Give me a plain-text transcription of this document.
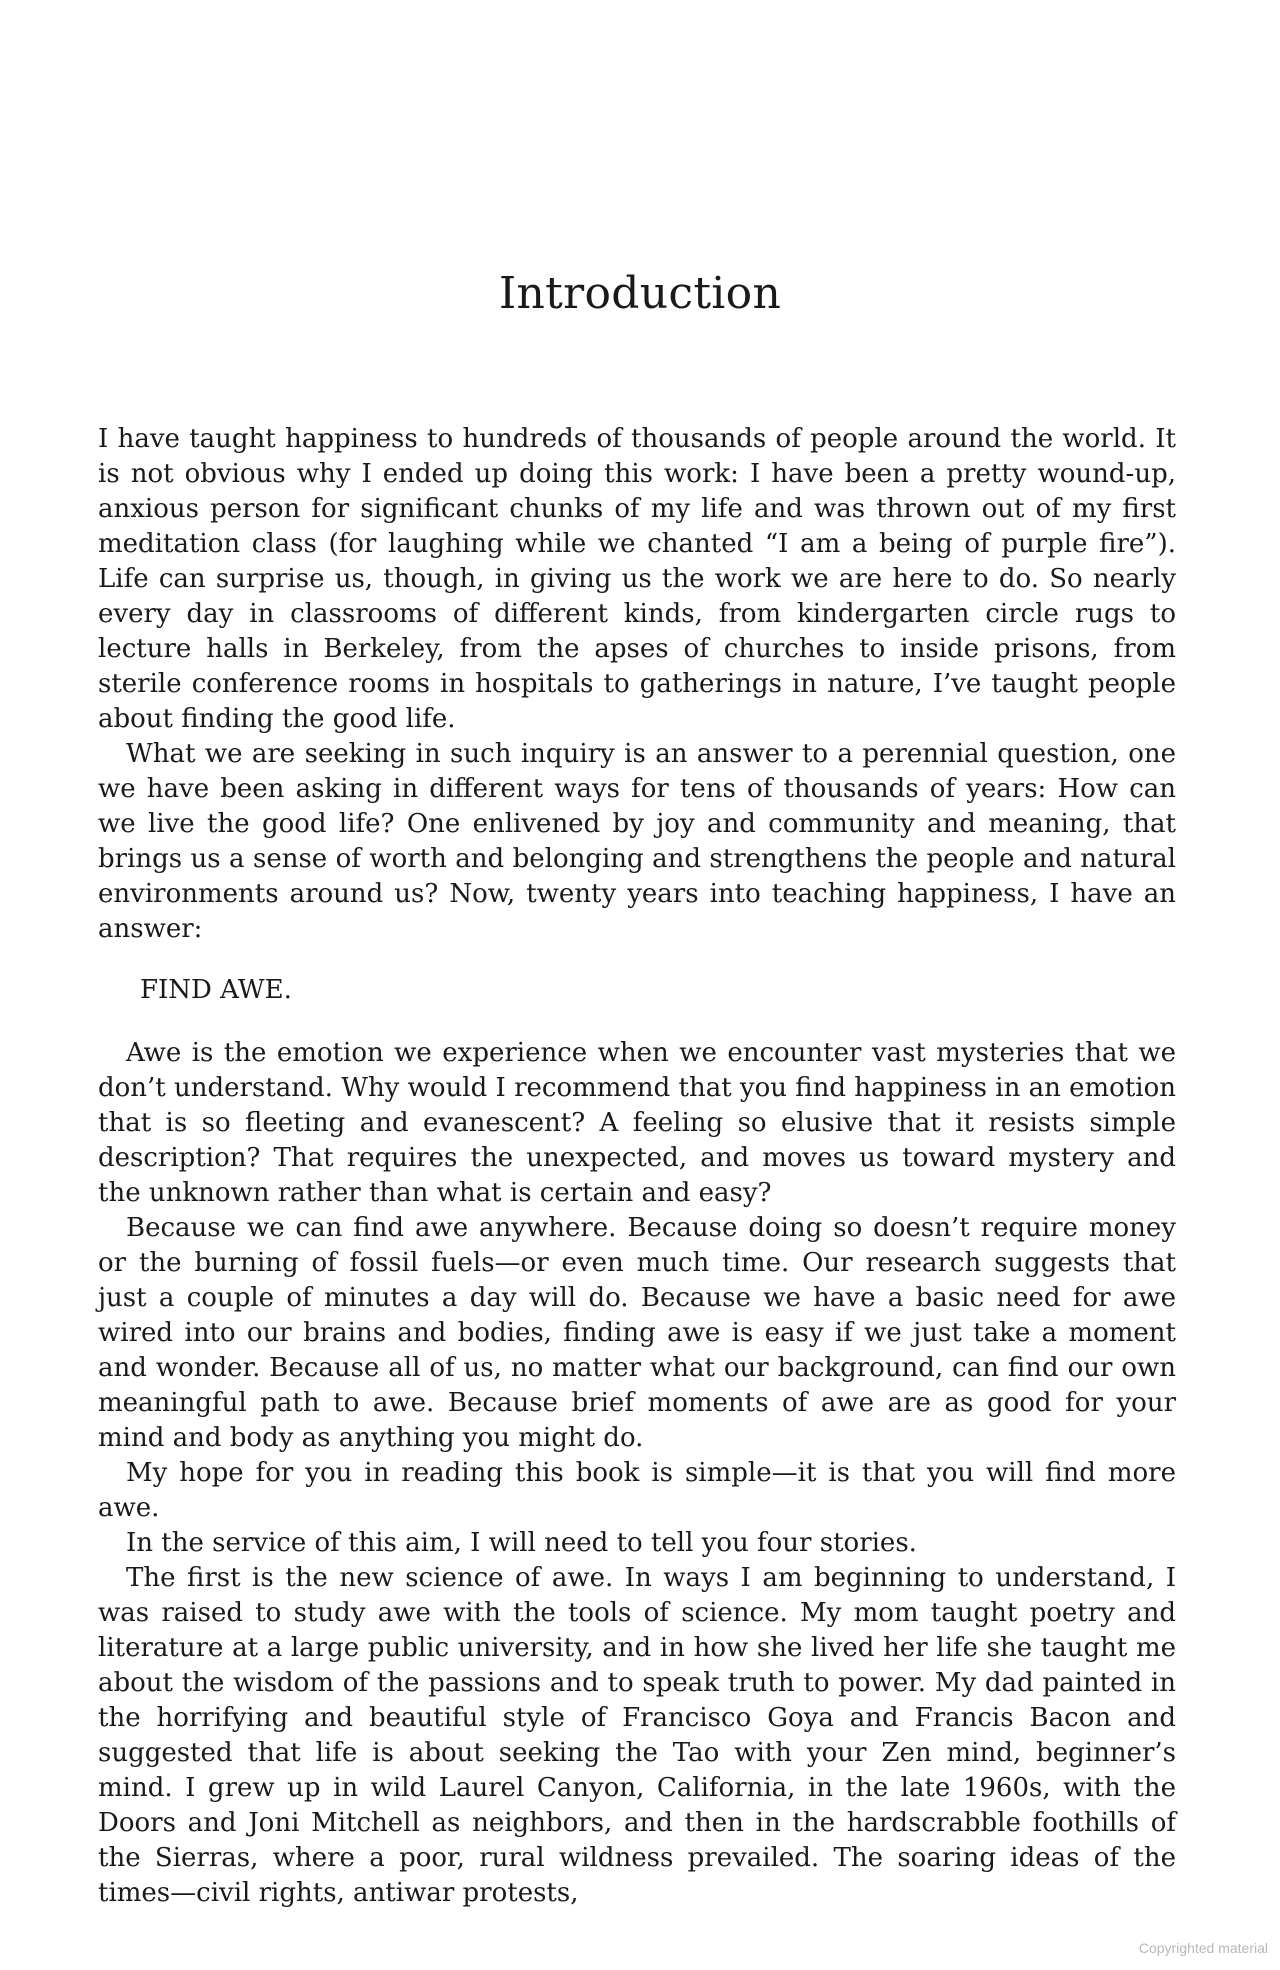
Introduction

I have taught happiness to hundreds of thousands of people around the world. It is not obvious why I ended up doing this work: I have been a pretty wound-up, anxious person for significant chunks of my life and was thrown out of my first meditation class (for laughing while we chanted “I am a being of purple fire”). Life can surprise us, though, in giving us the work we are here to do. So nearly every day in classrooms of different kinds, from kindergarten circle rugs to lecture halls in Berkeley, from the apses of churches to inside prisons, from sterile conference rooms in hospitals to gatherings in nature, I’ve taught people about finding the good life.

What we are seeking in such inquiry is an answer to a perennial question, one we have been asking in different ways for tens of thousands of years: How can we live the good life? One enlivened by joy and community and meaning, that brings us a sense of worth and belonging and strengthens the people and natural environments around us? Now, twenty years into teaching happiness, I have an answer:

FIND AWE.

Awe is the emotion we experience when we encounter vast mysteries that we don’t understand. Why would I recommend that you find happiness in an emotion that is so fleeting and evanescent? A feeling so elusive that it resists simple description? That requires the unexpected, and moves us toward mystery and the unknown rather than what is certain and easy?

Because we can find awe anywhere. Because doing so doesn’t require money or the burning of fossil fuels—or even much time. Our research suggests that just a couple of minutes a day will do. Because we have a basic need for awe wired into our brains and bodies, finding awe is easy if we just take a moment and wonder. Because all of us, no matter what our background, can find our own meaningful path to awe. Because brief moments of awe are as good for your mind and body as anything you might do.

My hope for you in reading this book is simple—it is that you will find more awe.

In the service of this aim, I will need to tell you four stories.

The first is the new science of awe. In ways I am beginning to understand, I was raised to study awe with the tools of science. My mom taught poetry and literature at a large public university, and in how she lived her life she taught me about the wisdom of the passions and to speak truth to power. My dad painted in the horrifying and beautiful style of Francisco Goya and Francis Bacon and suggested that life is about seeking the Tao with your Zen mind, beginner’s mind. I grew up in wild Laurel Canyon, California, in the late 1960s, with the Doors and Joni Mitchell as neighbors, and then in the hardscrabble foothills of the Sierras, where a poor, rural wildness prevailed. The soaring ideas of the times—civil rights, antiwar protests,

Copyrighted material
